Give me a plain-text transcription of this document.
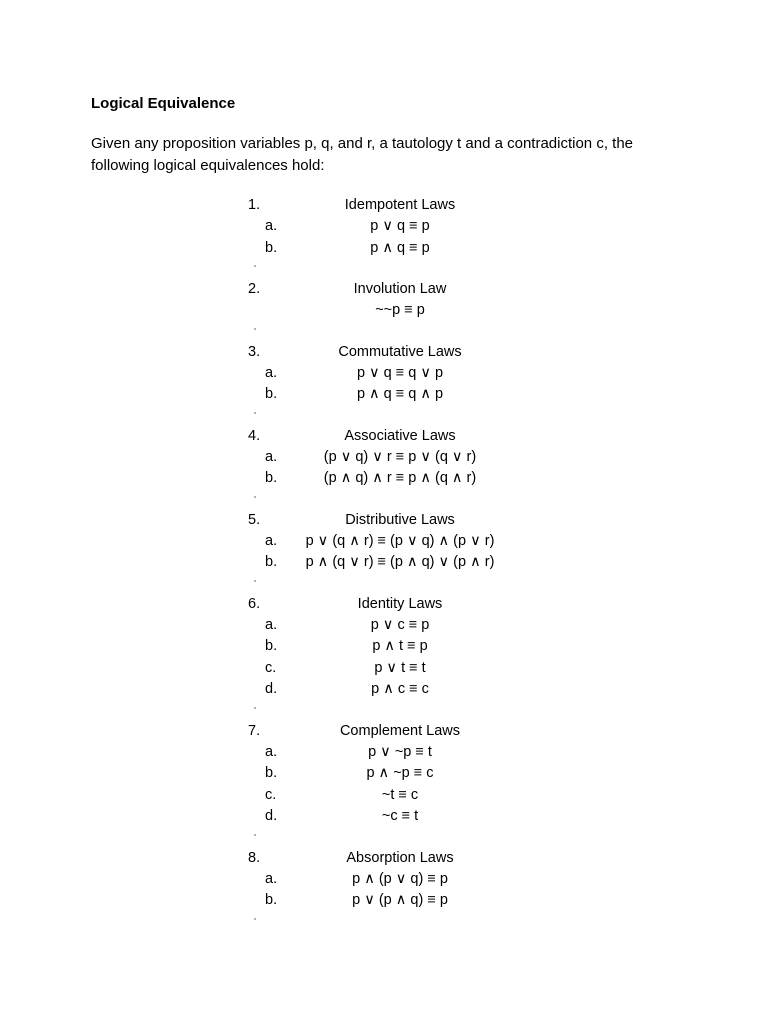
Logical Equivalence
Given any proposition variables p, q, and r, a tautology t and a contradiction c, the following logical equivalences hold:
1.	Idempotent Laws
a.	p ∨ q ≡ p
b.	p ∧ q ≡ p
2.	Involution Law
~~p ≡ p
3.	Commutative Laws
a.	p ∨ q ≡ q ∨ p
b.	p ∧ q ≡ q ∧ p
4.	Associative Laws
a.	(p ∨ q) ∨ r ≡ p ∨ (q ∨ r)
b.	(p ∧ q) ∧ r ≡ p ∧ (q ∧ r)
5.	Distributive Laws
a.	p ∨ (q ∧ r) ≡ (p ∨ q) ∧ (p ∨ r)
b.	p ∧ (q ∨ r) ≡ (p ∧ q) ∨ (p ∧ r)
6.	Identity Laws
a.	p ∨ c ≡ p
b.	p ∧ t ≡ p
c.	p ∨ t ≡ t
d.	p ∧ c ≡ c
7.	Complement Laws
a.	p ∨ ~p ≡ t
b.	p ∧ ~p ≡ c
c.	~t ≡ c
d.	~c ≡ t
8.	Absorption Laws
a.	p ∧ (p ∨ q) ≡ p
b.	p ∨ (p ∧ q) ≡ p
